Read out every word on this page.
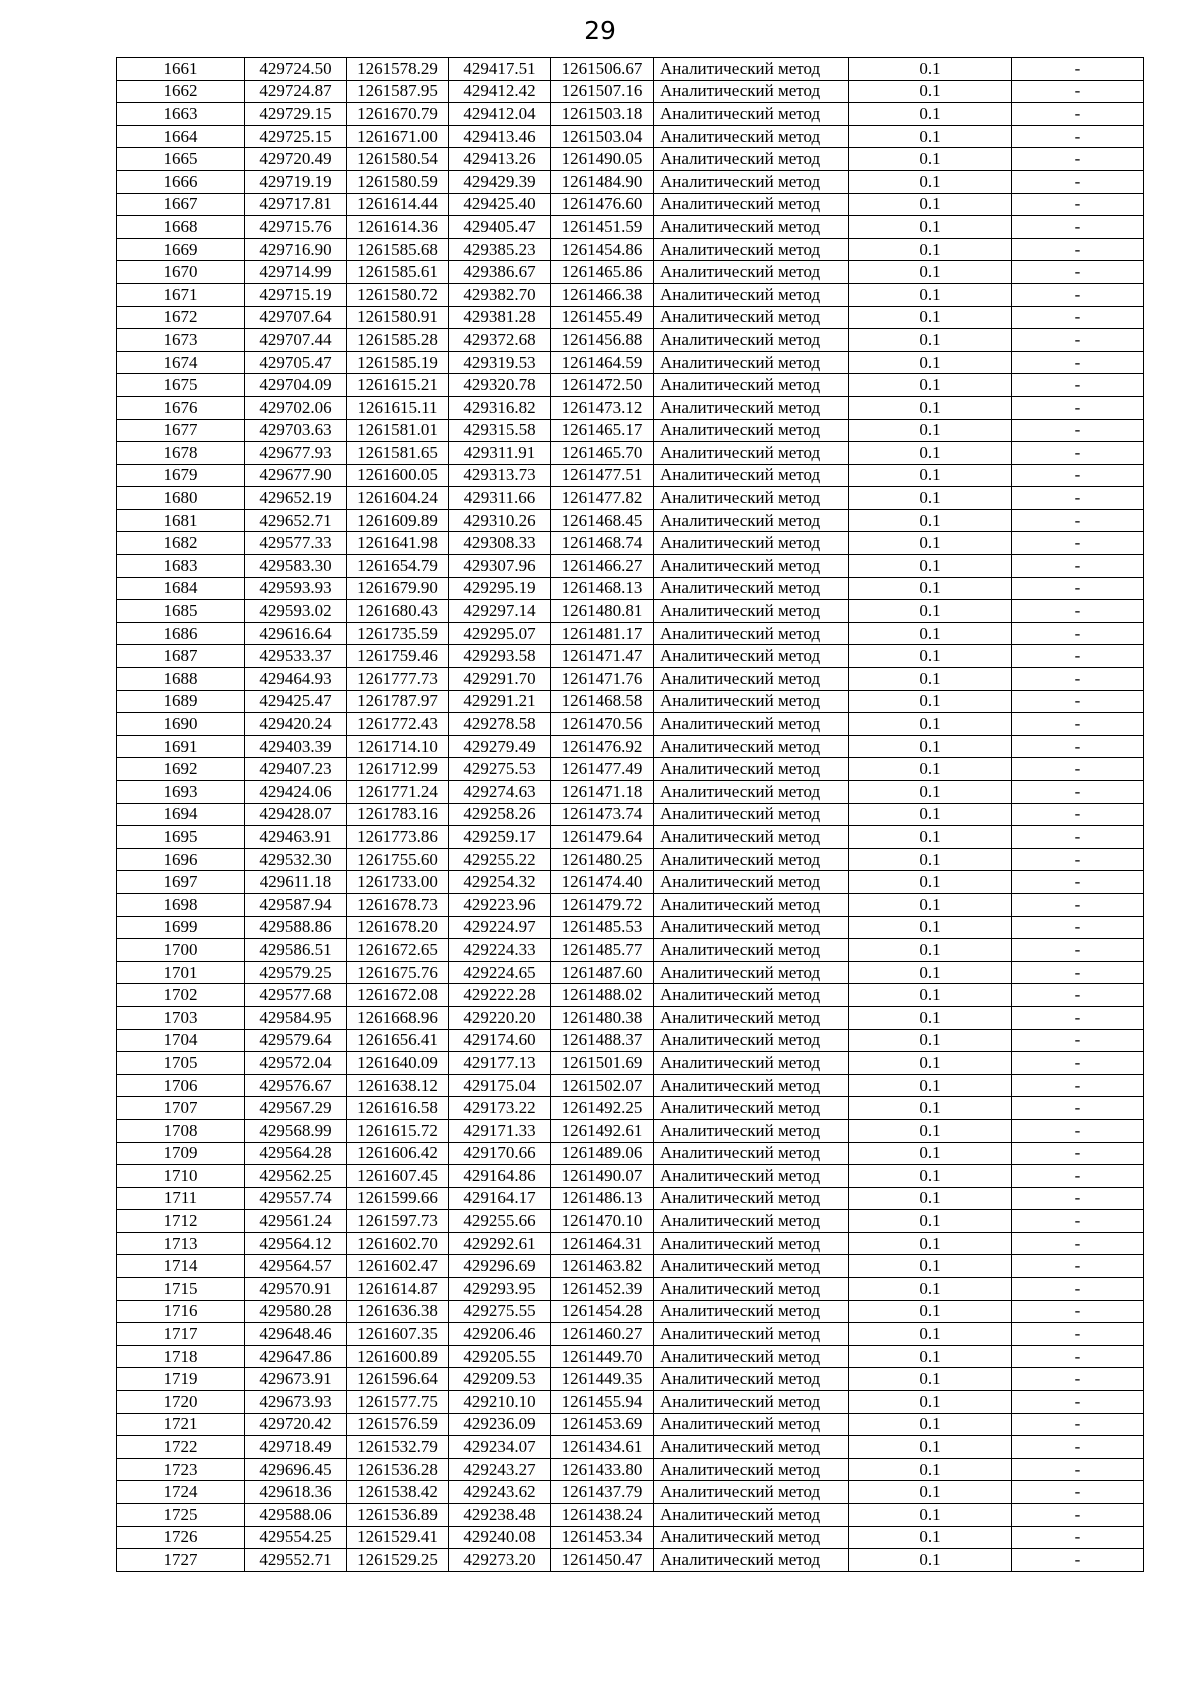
29
1661	429724.50	1261578.29	429417.51	1261506.67	Аналитический метод	0.1	-
1662	429724.87	1261587.95	429412.42	1261507.16	Аналитический метод	0.1	-
1663	429729.15	1261670.79	429412.04	1261503.18	Аналитический метод	0.1	-
1664	429725.15	1261671.00	429413.46	1261503.04	Аналитический метод	0.1	-
1665	429720.49	1261580.54	429413.26	1261490.05	Аналитический метод	0.1	-
1666	429719.19	1261580.59	429429.39	1261484.90	Аналитический метод	0.1	-
1667	429717.81	1261614.44	429425.40	1261476.60	Аналитический метод	0.1	-
1668	429715.76	1261614.36	429405.47	1261451.59	Аналитический метод	0.1	-
1669	429716.90	1261585.68	429385.23	1261454.86	Аналитический метод	0.1	-
1670	429714.99	1261585.61	429386.67	1261465.86	Аналитический метод	0.1	-
1671	429715.19	1261580.72	429382.70	1261466.38	Аналитический метод	0.1	-
1672	429707.64	1261580.91	429381.28	1261455.49	Аналитический метод	0.1	-
1673	429707.44	1261585.28	429372.68	1261456.88	Аналитический метод	0.1	-
1674	429705.47	1261585.19	429319.53	1261464.59	Аналитический метод	0.1	-
1675	429704.09	1261615.21	429320.78	1261472.50	Аналитический метод	0.1	-
1676	429702.06	1261615.11	429316.82	1261473.12	Аналитический метод	0.1	-
1677	429703.63	1261581.01	429315.58	1261465.17	Аналитический метод	0.1	-
1678	429677.93	1261581.65	429311.91	1261465.70	Аналитический метод	0.1	-
1679	429677.90	1261600.05	429313.73	1261477.51	Аналитический метод	0.1	-
1680	429652.19	1261604.24	429311.66	1261477.82	Аналитический метод	0.1	-
1681	429652.71	1261609.89	429310.26	1261468.45	Аналитический метод	0.1	-
1682	429577.33	1261641.98	429308.33	1261468.74	Аналитический метод	0.1	-
1683	429583.30	1261654.79	429307.96	1261466.27	Аналитический метод	0.1	-
1684	429593.93	1261679.90	429295.19	1261468.13	Аналитический метод	0.1	-
1685	429593.02	1261680.43	429297.14	1261480.81	Аналитический метод	0.1	-
1686	429616.64	1261735.59	429295.07	1261481.17	Аналитический метод	0.1	-
1687	429533.37	1261759.46	429293.58	1261471.47	Аналитический метод	0.1	-
1688	429464.93	1261777.73	429291.70	1261471.76	Аналитический метод	0.1	-
1689	429425.47	1261787.97	429291.21	1261468.58	Аналитический метод	0.1	-
1690	429420.24	1261772.43	429278.58	1261470.56	Аналитический метод	0.1	-
1691	429403.39	1261714.10	429279.49	1261476.92	Аналитический метод	0.1	-
1692	429407.23	1261712.99	429275.53	1261477.49	Аналитический метод	0.1	-
1693	429424.06	1261771.24	429274.63	1261471.18	Аналитический метод	0.1	-
1694	429428.07	1261783.16	429258.26	1261473.74	Аналитический метод	0.1	-
1695	429463.91	1261773.86	429259.17	1261479.64	Аналитический метод	0.1	-
1696	429532.30	1261755.60	429255.22	1261480.25	Аналитический метод	0.1	-
1697	429611.18	1261733.00	429254.32	1261474.40	Аналитический метод	0.1	-
1698	429587.94	1261678.73	429223.96	1261479.72	Аналитический метод	0.1	-
1699	429588.86	1261678.20	429224.97	1261485.53	Аналитический метод	0.1	-
1700	429586.51	1261672.65	429224.33	1261485.77	Аналитический метод	0.1	-
1701	429579.25	1261675.76	429224.65	1261487.60	Аналитический метод	0.1	-
1702	429577.68	1261672.08	429222.28	1261488.02	Аналитический метод	0.1	-
1703	429584.95	1261668.96	429220.20	1261480.38	Аналитический метод	0.1	-
1704	429579.64	1261656.41	429174.60	1261488.37	Аналитический метод	0.1	-
1705	429572.04	1261640.09	429177.13	1261501.69	Аналитический метод	0.1	-
1706	429576.67	1261638.12	429175.04	1261502.07	Аналитический метод	0.1	-
1707	429567.29	1261616.58	429173.22	1261492.25	Аналитический метод	0.1	-
1708	429568.99	1261615.72	429171.33	1261492.61	Аналитический метод	0.1	-
1709	429564.28	1261606.42	429170.66	1261489.06	Аналитический метод	0.1	-
1710	429562.25	1261607.45	429164.86	1261490.07	Аналитический метод	0.1	-
1711	429557.74	1261599.66	429164.17	1261486.13	Аналитический метод	0.1	-
1712	429561.24	1261597.73	429255.66	1261470.10	Аналитический метод	0.1	-
1713	429564.12	1261602.70	429292.61	1261464.31	Аналитический метод	0.1	-
1714	429564.57	1261602.47	429296.69	1261463.82	Аналитический метод	0.1	-
1715	429570.91	1261614.87	429293.95	1261452.39	Аналитический метод	0.1	-
1716	429580.28	1261636.38	429275.55	1261454.28	Аналитический метод	0.1	-
1717	429648.46	1261607.35	429206.46	1261460.27	Аналитический метод	0.1	-
1718	429647.86	1261600.89	429205.55	1261449.70	Аналитический метод	0.1	-
1719	429673.91	1261596.64	429209.53	1261449.35	Аналитический метод	0.1	-
1720	429673.93	1261577.75	429210.10	1261455.94	Аналитический метод	0.1	-
1721	429720.42	1261576.59	429236.09	1261453.69	Аналитический метод	0.1	-
1722	429718.49	1261532.79	429234.07	1261434.61	Аналитический метод	0.1	-
1723	429696.45	1261536.28	429243.27	1261433.80	Аналитический метод	0.1	-
1724	429618.36	1261538.42	429243.62	1261437.79	Аналитический метод	0.1	-
1725	429588.06	1261536.89	429238.48	1261438.24	Аналитический метод	0.1	-
1726	429554.25	1261529.41	429240.08	1261453.34	Аналитический метод	0.1	-
1727	429552.71	1261529.25	429273.20	1261450.47	Аналитический метод	0.1	-
